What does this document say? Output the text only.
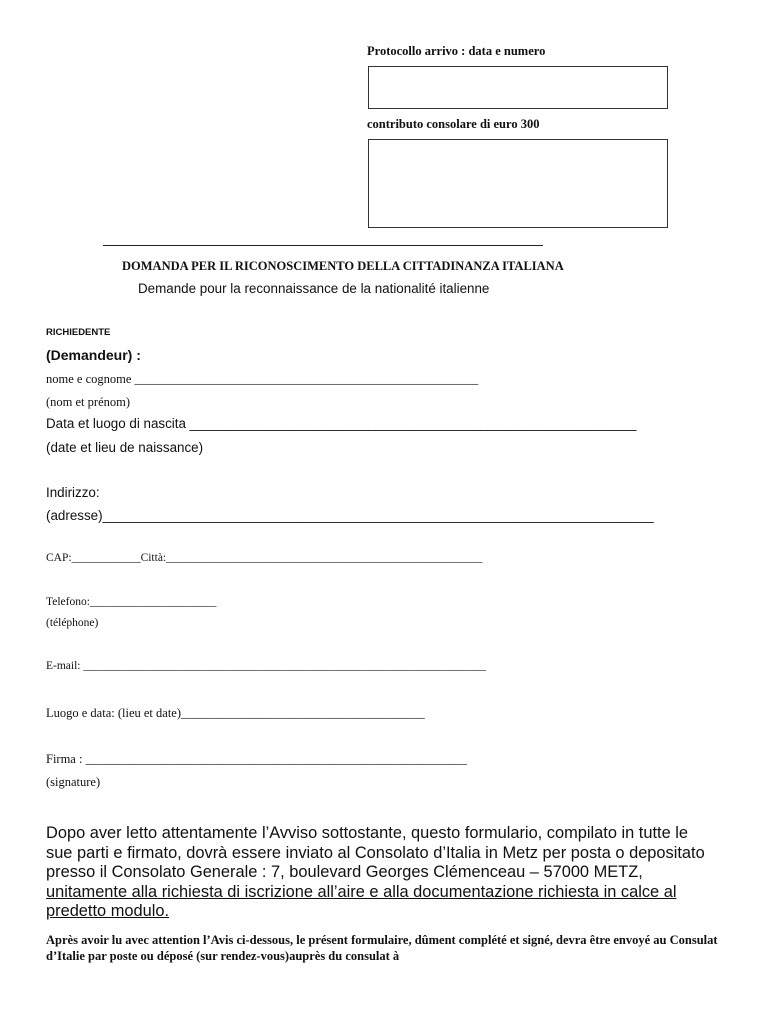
Protocollo arrivo : data e numero
contributo consolare di euro 300
DOMANDA PER IL RICONOSCIMENTO DELLA CITTADINANZA ITALIANA
Demande pour la reconnaissance de la nationalité italienne
RICHIEDENTE
(Demandeur) :
nome e cognome _______________________________________________________
(nom et prénom)
Data et luogo di nascita ____________________________________________________________
(date et lieu de naissance)
Indirizzo:
(adresse)__________________________________________________________________________
CAP:____________Città:_______________________________________________________
Telefono:______________________
(téléphone)
E-mail: ______________________________________________________________________
Luogo e data: (lieu et date)_______________________________________
Firma : _____________________________________________________________
(signature)
Dopo aver letto attentamente l’Avviso sottostante, questo formulario, compilato in tutte le sue parti e firmato, dovrà essere inviato al Consolato d’Italia in Metz per posta o depositato presso il Consolato Generale : 7, boulevard Georges Clémenceau – 57000 METZ, unitamente alla richiesta di iscrizione all’aire e alla documentazione richiesta in calce al predetto modulo.
Après avoir lu avec attention l’Avis ci-dessous, le présent formulaire, dûment complété et signé, devra être envoyé au Consulat d’Italie par poste ou déposé (sur rendez-vous)auprès du consulat à
